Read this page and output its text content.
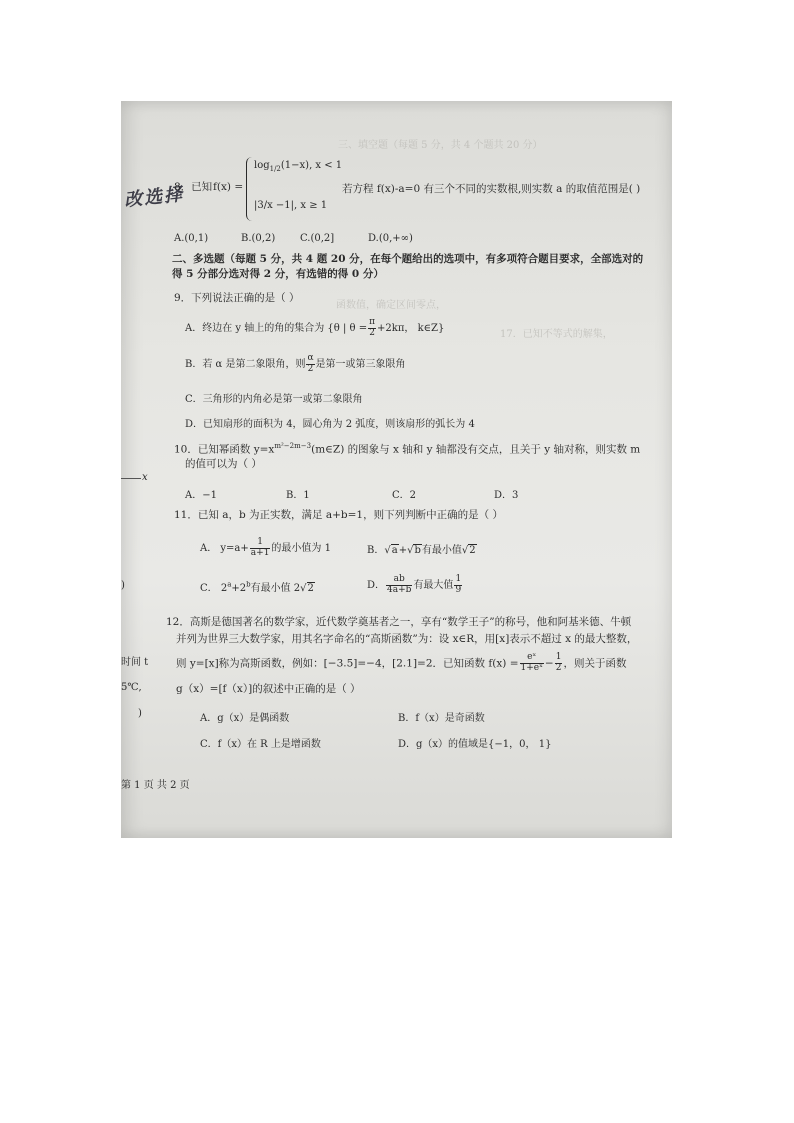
三、填空题（每题 5 分，共 4 个题共 20 分）
函数值，确定区间零点，
17．已知不等式的解集，
改选择
8．已知 f(x) =
$\log_{1/2}(1-x)$, x < 1
|3/x −1|, x ≥ 1
若方程 f(x)-a=0 有三个不同的实数根,则实数 a 的取值范围是( )
A.(0,1)	B.(0,2) C.(0,2]	D.(0,+∞)
二、多选题（每题 5 分，共 4 题 20 分，在每个题给出的选项中，有多项符合题目要求，全部选对的
得 5 分部分选对得 2 分，有选错的得 0 分）
9．下列说法正确的是（ ）
A．终边在 y 轴上的角的集合为 {θ | $\theta = \frac{\pi}{2} +2k\pi$， k∈Z}
B．若 α 是第二象限角，则 $\frac{\alpha}{2}$ 是第一或第三象限角
C．三角形的内角必是第一或第二象限角
D．已知扇形的面积为 4，圆心角为 2 弧度，则该扇形的弧长为 4
10．已知幂函数 $y=x^{m^2-2m-3}(m\in Z)$ 的图象与 x 轴和 y 轴都没有交点，且关于 y 轴对称，则实数 m
的值可以为（ ）
A．−1	B．1	C．2	D．3
11．已知 a，b 为正实数，满足 a+b=1，则下列判断中正确的是（ ）
A． $y=a+ \frac{1}{a+1}$ 的最小值为 1	B．√a+√b有最小值√2
C． $2^a+2^b$有最小值 2√2	D． $\frac{ab}{4a+b}$ 有最大值 $\frac{1}{9}$
12．高斯是德国著名的数学家，近代数学奠基者之一，享有“数学王子”的称号，他和阿基米德、牛顿
并列为世界三大数学家，用其名字命名的“高斯函数”为：设 x∈R，用[x]表示不超过 x 的最大整数，
则 y=[x]称为高斯函数，例如：[−3.5]=−4，[2.1]=2．已知函数 $f(x) = \frac{\text{eˣ}}{\text{1+eˣ}} - \frac{1}{2}$ ，则关于函数
g（x）=[f（x）]的叙述中正确的是（ ）
A．g（x）是偶函数	B．f（x）是奇函数
C．f（x）在 R 上是增函数	D．g（x）的值域是{−1，0， 1}
x
)
时间 t
5℃,
)
第 1 页 共 2 页
